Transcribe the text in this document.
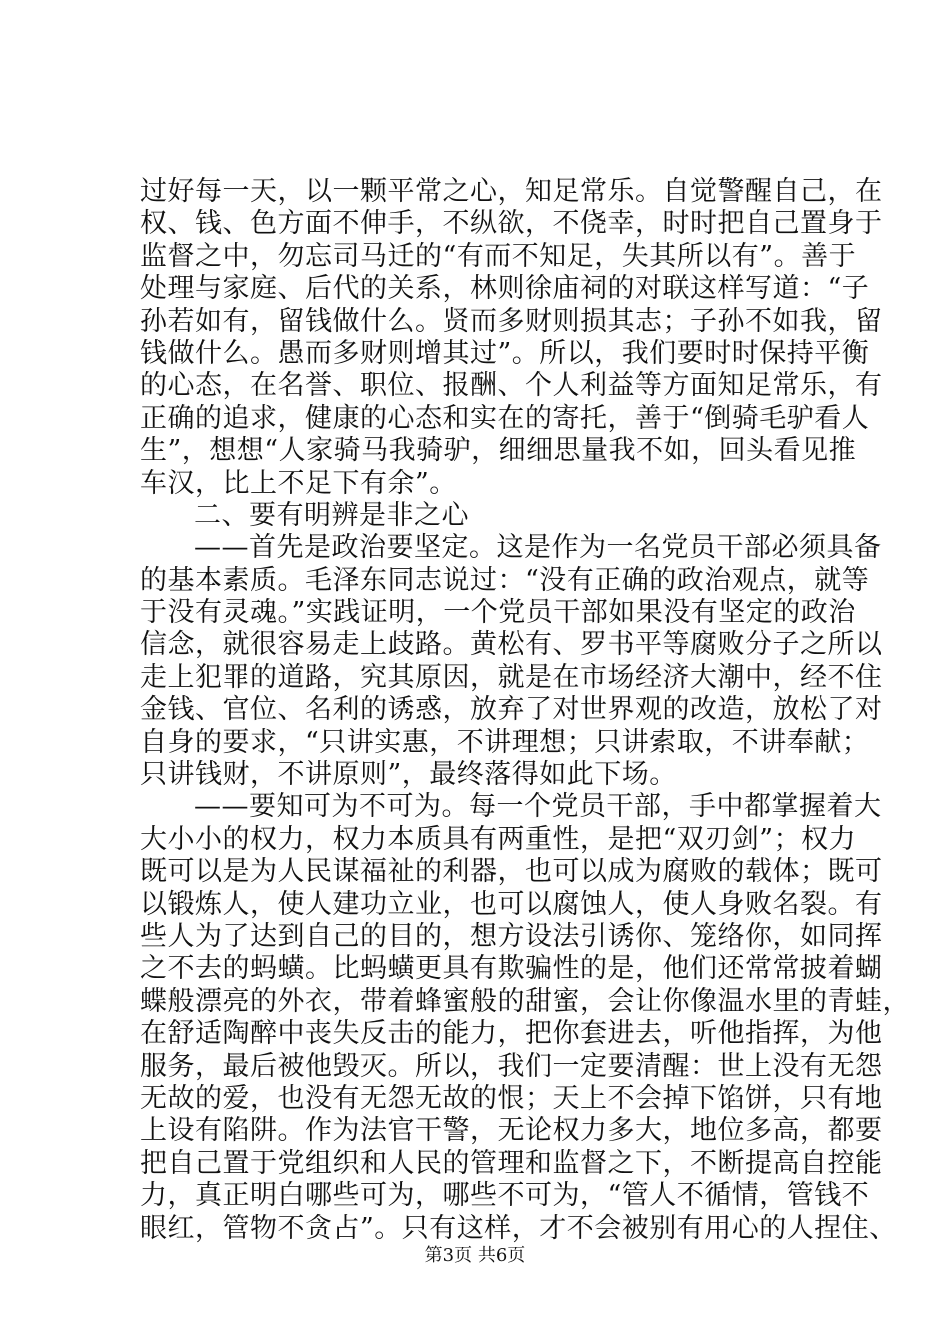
过好每一天，以一颗平常之心，知足常乐。自觉警醒自己，在
权、钱、色方面不伸手，不纵欲，不侥幸，时时把自己置身于
监督之中，勿忘司马迁的“有而不知足，失其所以有”。善于
处理与家庭、后代的关系，林则徐庙祠的对联这样写道：“子
孙若如有，留钱做什么。贤而多财则损其志；子孙不如我，留
钱做什么。愚而多财则增其过”。所以，我们要时时保持平衡
的心态，在名誉、职位、报酬、个人利益等方面知足常乐，有
正确的追求，健康的心态和实在的寄托，善于“倒骑毛驴看人
生”，想想“人家骑马我骑驴，细细思量我不如，回头看见推
车汉，比上不足下有余”。
二、要有明辨是非之心
——首先是政治要坚定。这是作为一名党员干部必须具备
的基本素质。毛泽东同志说过：“没有正确的政治观点，就等
于没有灵魂。”实践证明，一个党员干部如果没有坚定的政治
信念，就很容易走上歧路。黄松有、罗书平等腐败分子之所以
走上犯罪的道路，究其原因，就是在市场经济大潮中，经不住
金钱、官位、名利的诱惑，放弃了对世界观的改造，放松了对
自身的要求，“只讲实惠，不讲理想；只讲索取，不讲奉献；
只讲钱财，不讲原则”，最终落得如此下场。
——要知可为不可为。每一个党员干部，手中都掌握着大
大小小的权力，权力本质具有两重性，是把“双刃剑”；权力
既可以是为人民谋福祉的利器，也可以成为腐败的载体；既可
以锻炼人，使人建功立业，也可以腐蚀人，使人身败名裂。有
些人为了达到自己的目的，想方设法引诱你、笼络你，如同挥
之不去的蚂蟥。比蚂蟥更具有欺骗性的是，他们还常常披着蝴
蝶般漂亮的外衣，带着蜂蜜般的甜蜜，会让你像温水里的青蛙，
在舒适陶醉中丧失反击的能力，把你套进去，听他指挥，为他
服务，最后被他毁灭。所以，我们一定要清醒：世上没有无怨
无故的爱，也没有无怨无故的恨；天上不会掉下馅饼，只有地
上设有陷阱。作为法官干警，无论权力多大，地位多高，都要
把自己置于党组织和人民的管理和监督之下，不断提高自控能
力，真正明白哪些可为，哪些不可为，“管人不循情，管钱不
眼红，管物不贪占”。只有这样，才不会被别有用心的人捏住、
第3页 共6页
